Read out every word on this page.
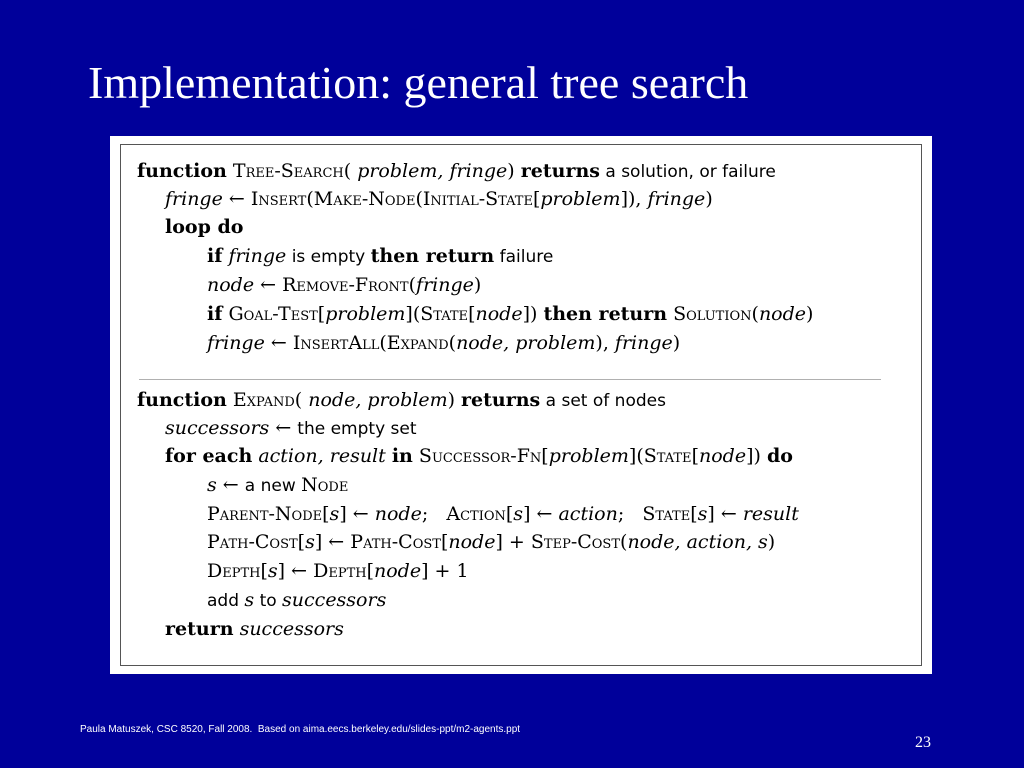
Implementation: general tree search
function Tree-Search( problem, fringe) returns a solution, or failure
fringe ← Insert(Make-Node(Initial-State[problem]), fringe)
loop do
if fringe is empty then return failure
node ← Remove-Front(fringe)
if Goal-Test[problem](State[node]) then return Solution(node)
fringe ← InsertAll(Expand(node, problem), fringe)
function Expand( node, problem) returns a set of nodes
successors ← the empty set
for each action, result in Successor-Fn[problem](State[node]) do
s ← a new Node
Parent-Node[s] ← node;   Action[s] ← action;   State[s] ← result
Path-Cost[s] ← Path-Cost[node] + Step-Cost(node, action, s)
Depth[s] ← Depth[node] + 1
add s to successors
return successors
Paula Matuszek, CSC 8520, Fall 2008.  Based on aima.eecs.berkeley.edu/slides-ppt/m2-agents.ppt
23
